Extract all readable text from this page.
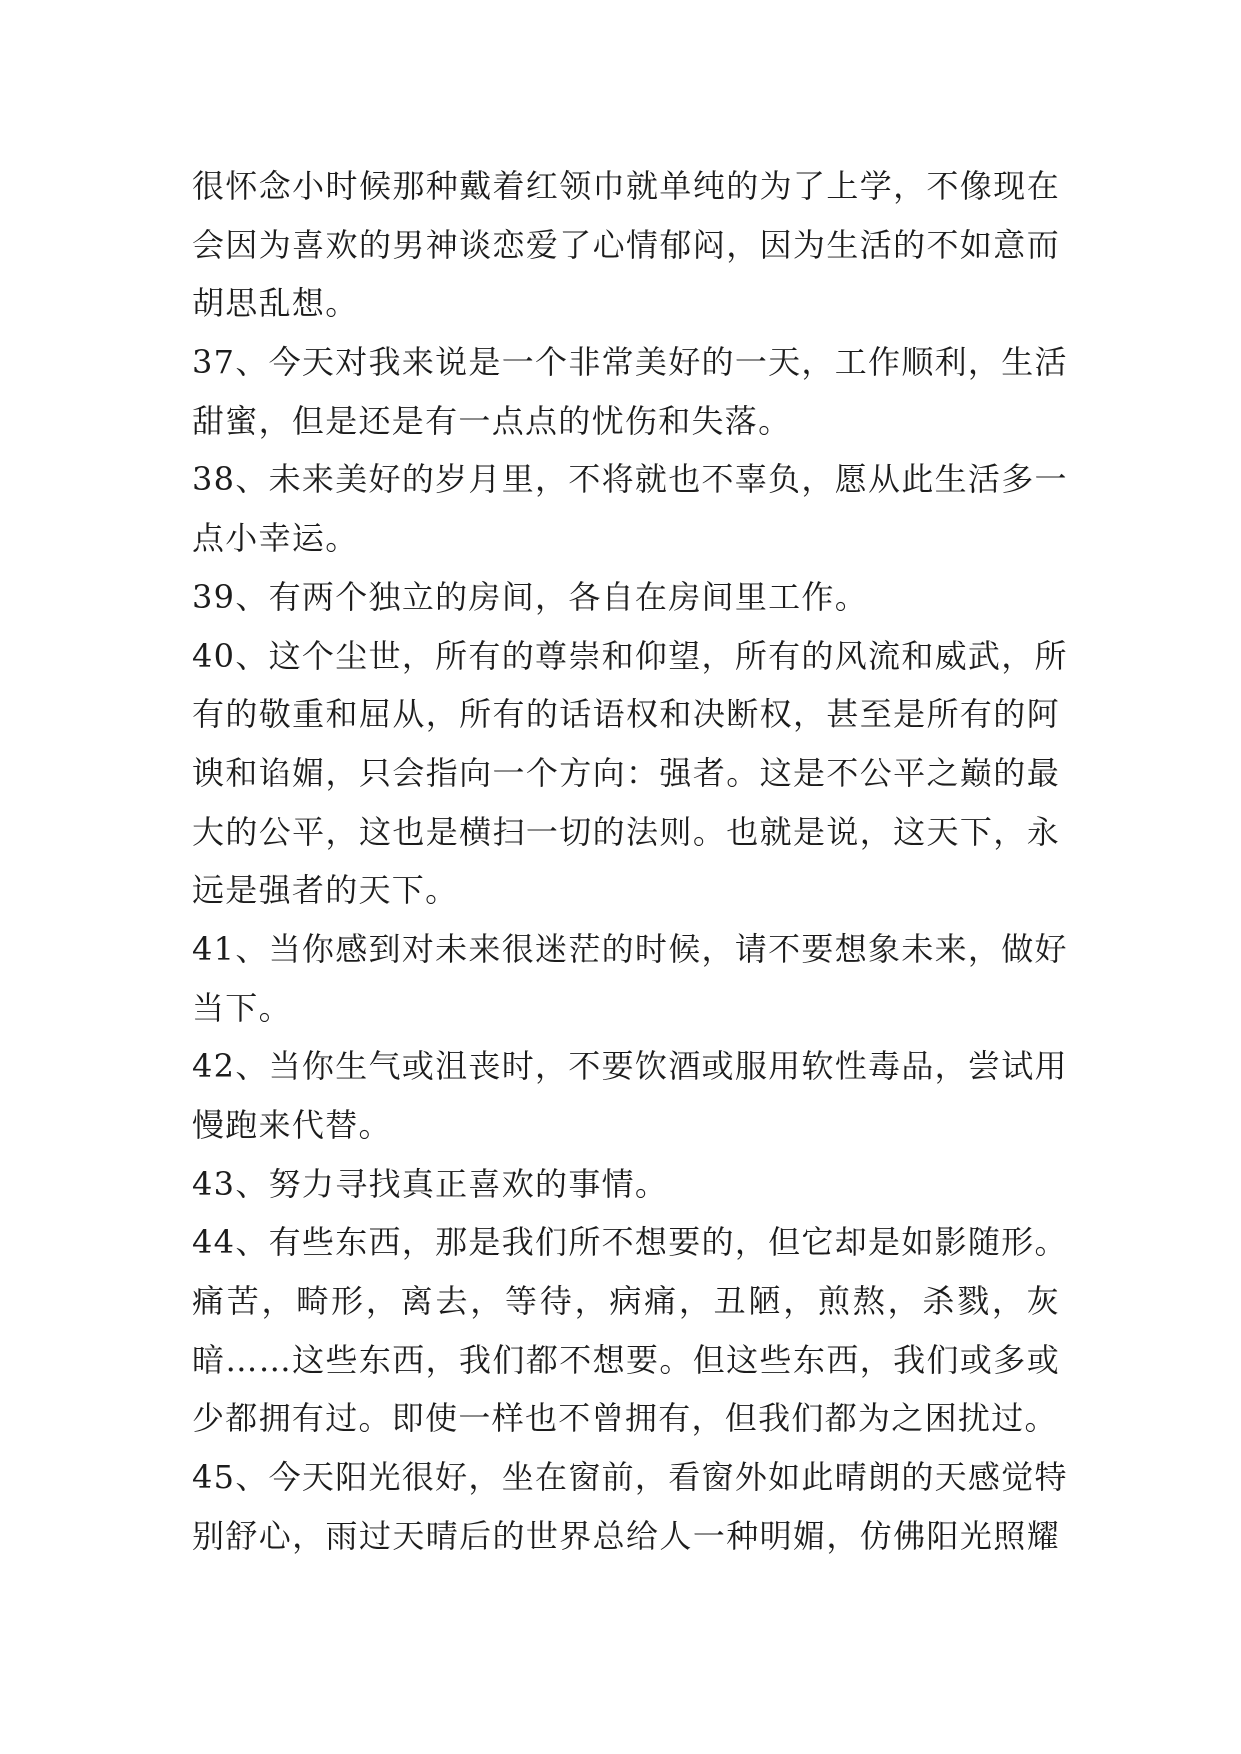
很怀念小时候那种戴着红领巾就单纯的为了上学，不像现在
会因为喜欢的男神谈恋爱了心情郁闷，因为生活的不如意而
胡思乱想。
37、今天对我来说是一个非常美好的一天，工作顺利，生活
甜蜜，但是还是有一点点的忧伤和失落。
38、未来美好的岁月里，不将就也不辜负，愿从此生活多一
点小幸运。
39、有两个独立的房间，各自在房间里工作。
40、这个尘世，所有的尊崇和仰望，所有的风流和威武，所
有的敬重和屈从，所有的话语权和决断权，甚至是所有的阿
谀和谄媚，只会指向一个方向：强者。这是不公平之巅的最
大的公平，这也是横扫一切的法则。也就是说，这天下，永
远是强者的天下。
41、当你感到对未来很迷茫的时候，请不要想象未来，做好
当下。
42、当你生气或沮丧时，不要饮酒或服用软性毒品，尝试用
慢跑来代替。
43、努力寻找真正喜欢的事情。
44、有些东西，那是我们所不想要的，但它却是如影随形。
痛苦，畸形，离去，等待，病痛，丑陋，煎熬，杀戮，灰
暗……这些东西，我们都不想要。但这些东西，我们或多或
少都拥有过。即使一样也不曾拥有，但我们都为之困扰过。
45、今天阳光很好，坐在窗前，看窗外如此晴朗的天感觉特
别舒心，雨过天晴后的世界总给人一种明媚，仿佛阳光照耀
